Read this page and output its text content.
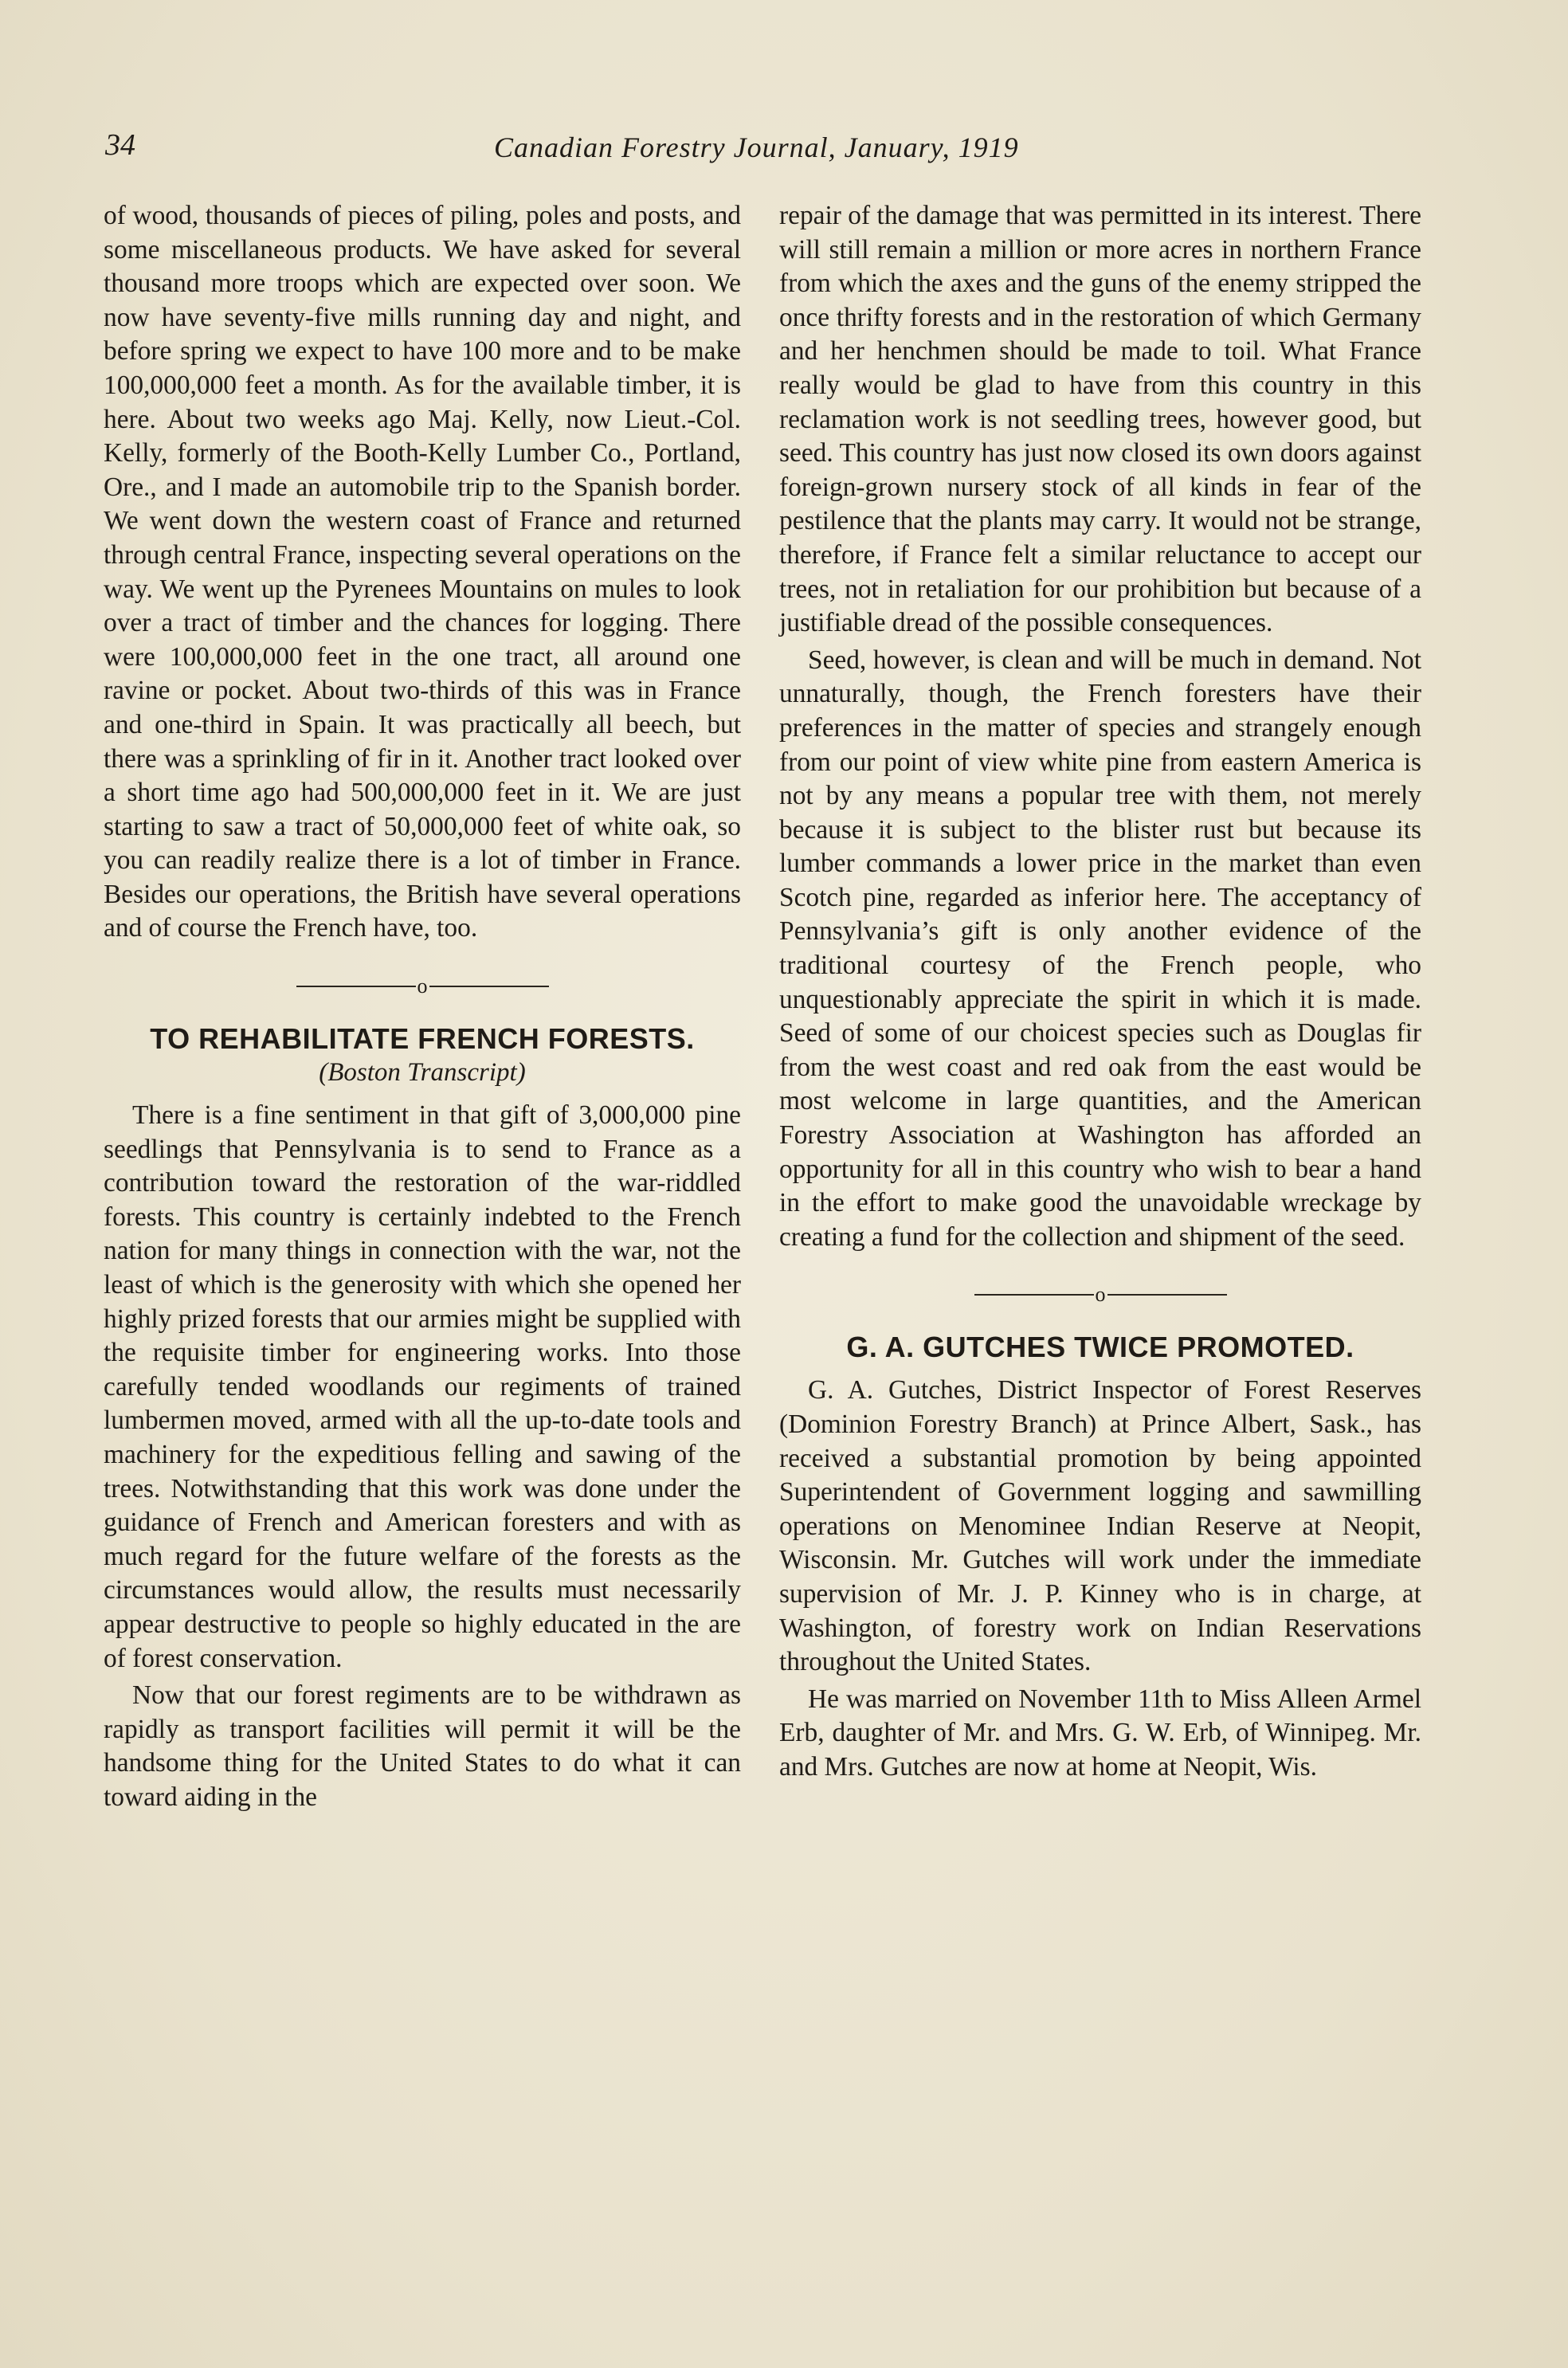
34	Canadian Forestry Journal, January, 1919

of wood, thousands of pieces of piling, poles and posts, and some miscellaneous products. We have asked for several thousand more troops which are expected over soon. We now have seventy-five mills running day and night, and before spring we expect to have 100 more and to be make 100,000,000 feet a month. As for the available timber, it is here. About two weeks ago Maj. Kelly, now Lieut.-Col. Kelly, formerly of the Booth-Kelly Lumber Co., Portland, Ore., and I made an automobile trip to the Spanish border. We went down the western coast of France and returned through central France, inspecting several operations on the way. We went up the Pyrenees Mountains on mules to look over a tract of timber and the chances for logging. There were 100,000,000 feet in the one tract, all around one ravine or pocket. About two-thirds of this was in France and one-third in Spain. It was practically all beech, but there was a sprinkling of fir in it. Another tract looked over a short time ago had 500,000,000 feet in it. We are just starting to saw a tract of 50,000,000 feet of white oak, so you can readily realize there is a lot of timber in France. Besides our operations, the British have several operations and of course the French have, too.

o
TO REHABILITATE FRENCH FORESTS.
(Boston Transcript)

There is a fine sentiment in that gift of 3,000,000 pine seedlings that Pennsylvania is to send to France as a contribution toward the restoration of the war-riddled forests. This country is certainly indebted to the French nation for many things in connection with the war, not the least of which is the generosity with which she opened her highly prized forests that our armies might be supplied with the requisite timber for engineering works. Into those carefully tended woodlands our regiments of trained lumbermen moved, armed with all the up-to-date tools and machinery for the expeditious felling and sawing of the trees. Notwithstanding that this work was done under the guidance of French and American foresters and with as much regard for the future welfare of the forests as the circumstances would allow, the results must necessarily appear destructive to people so highly educated in the are of forest conservation.

Now that our forest regiments are to be withdrawn as rapidly as transport facilities will permit it will be the handsome thing for the United States to do what it can toward aiding in the

repair of the damage that was permitted in its interest. There will still remain a million or more acres in northern France from which the axes and the guns of the enemy stripped the once thrifty forests and in the restoration of which Germany and her henchmen should be made to toil. What France really would be glad to have from this country in this reclamation work is not seedling trees, however good, but seed. This country has just now closed its own doors against foreign-grown nursery stock of all kinds in fear of the pestilence that the plants may carry. It would not be strange, therefore, if France felt a similar reluctance to accept our trees, not in retaliation for our prohibition but because of a justifiable dread of the possible consequences.

Seed, however, is clean and will be much in demand. Not unnaturally, though, the French foresters have their preferences in the matter of species and strangely enough from our point of view white pine from eastern America is not by any means a popular tree with them, not merely because it is subject to the blister rust but because its lumber commands a lower price in the market than even Scotch pine, regarded as inferior here. The acceptancy of Pennsylvania’s gift is only another evidence of the traditional courtesy of the French people, who unquestionably appreciate the spirit in which it is made. Seed of some of our choicest species such as Douglas fir from the west coast and red oak from the east would be most welcome in large quantities, and the American Forestry Association at Washington has afforded an opportunity for all in this country who wish to bear a hand in the effort to make good the unavoidable wreckage by creating a fund for the collection and shipment of the seed.

o
G. A. GUTCHES TWICE PROMOTED.

G. A. Gutches, District Inspector of Forest Reserves (Dominion Forestry Branch) at Prince Albert, Sask., has received a substantial promotion by being appointed Superintendent of Government logging and sawmilling operations on Menominee Indian Reserve at Neopit, Wisconsin. Mr. Gutches will work under the immediate supervision of Mr. J. P. Kinney who is in charge, at Washington, of forestry work on Indian Reservations throughout the United States.

He was married on November 11th to Miss Alleen Armel Erb, daughter of Mr. and Mrs. G. W. Erb, of Winnipeg. Mr. and Mrs. Gutches are now at home at Neopit, Wis.
